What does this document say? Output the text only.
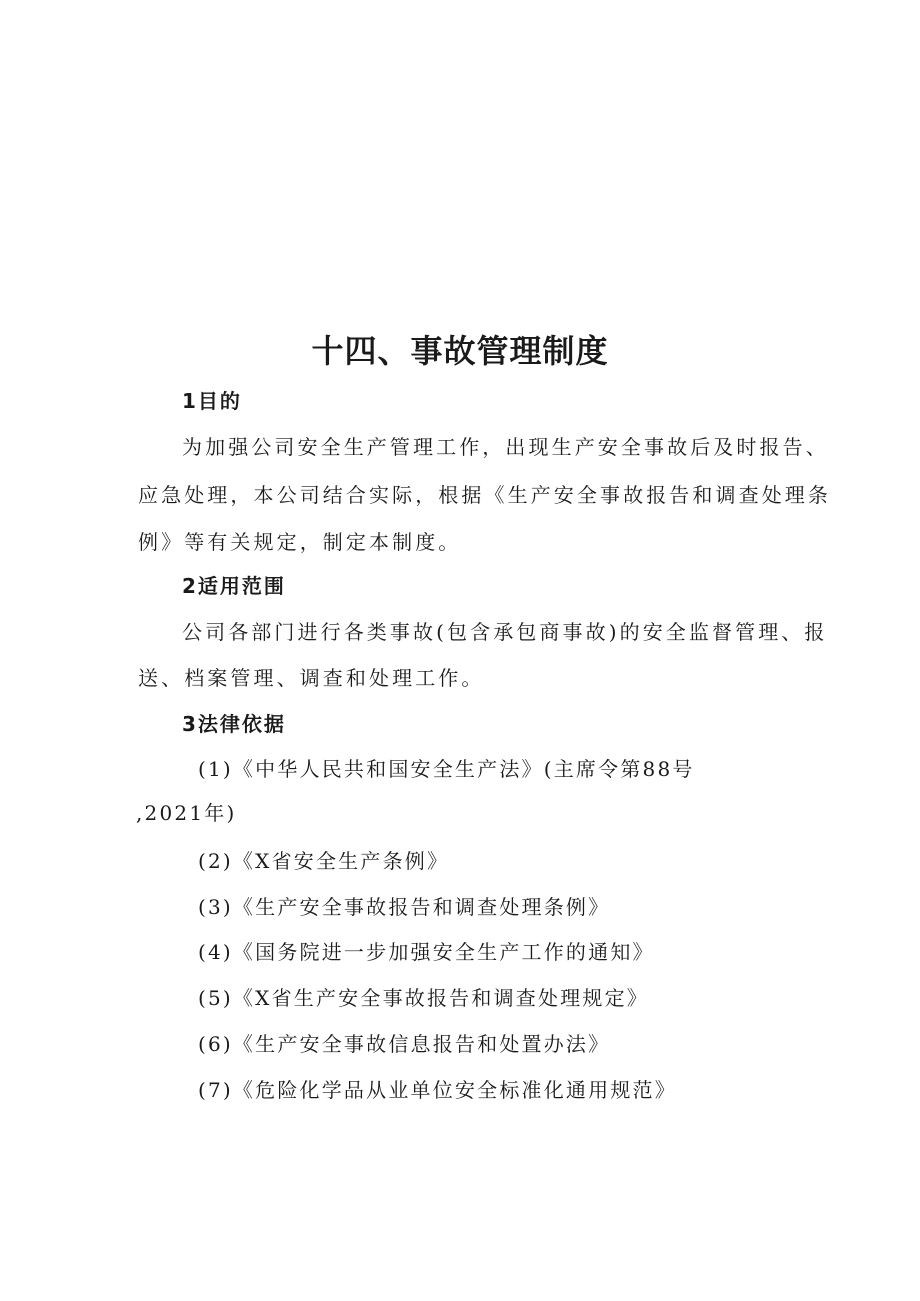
十四、事故管理制度
1目的
为加强公司安全生产管理工作，出现生产安全事故后及时报告、
应急处理，本公司结合实际，根据《生产安全事故报告和调查处理条
例》等有关规定，制定本制度。
2适用范围
公司各部门进行各类事故(包含承包商事故)的安全监督管理、报
送、档案管理、调查和处理工作。
3法律依据
(1)《中华人民共和国安全生产法》(主席令第88号
,2021年)
(2)《X省安全生产条例》
(3)《生产安全事故报告和调查处理条例》
(4)《国务院进一步加强安全生产工作的通知》
(5)《X省生产安全事故报告和调查处理规定》
(6)《生产安全事故信息报告和处置办法》
(7)《危险化学品从业单位安全标准化通用规范》
